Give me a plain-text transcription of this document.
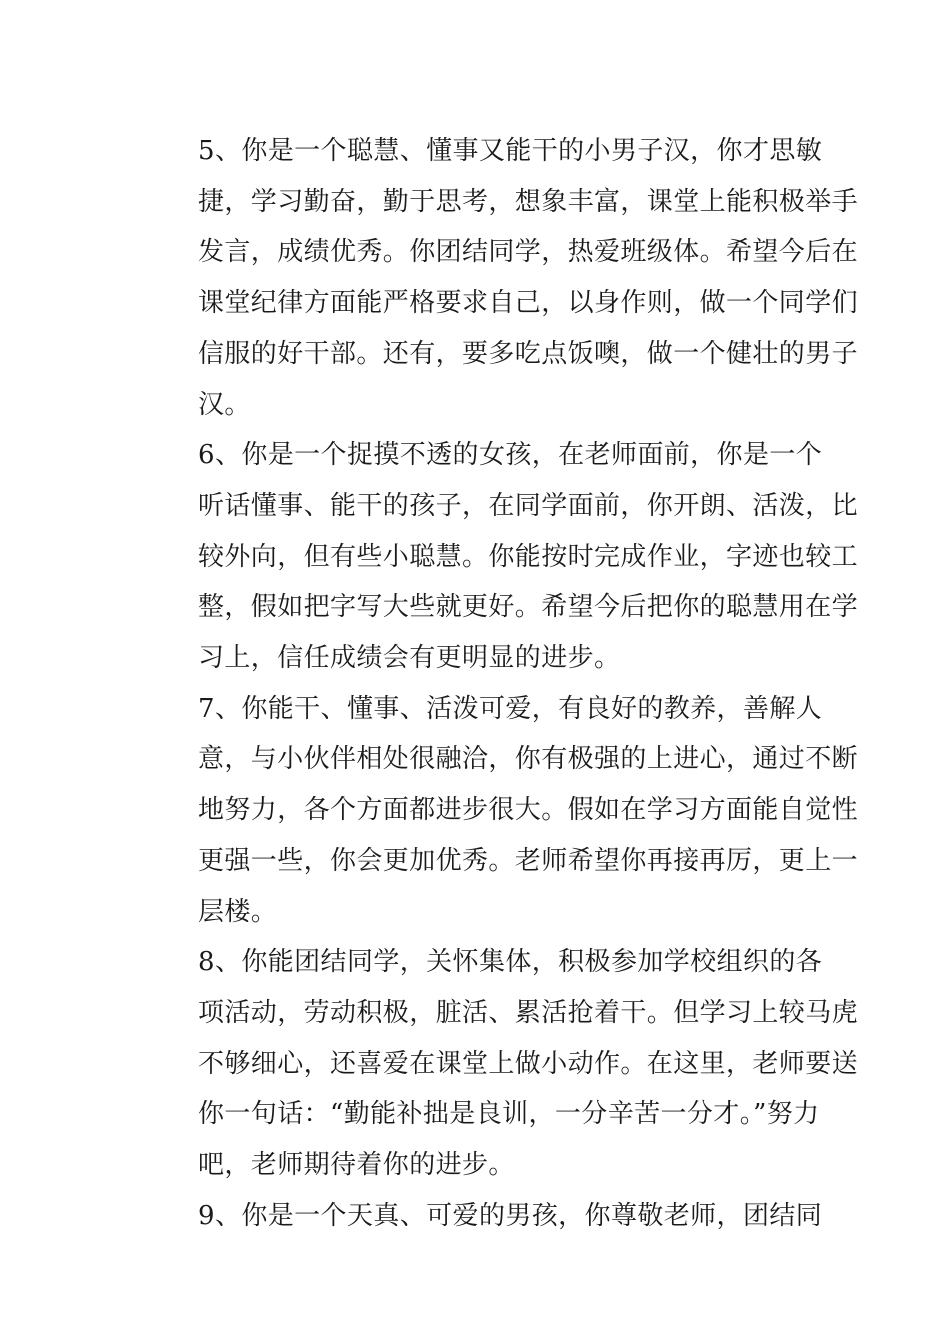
5、你是一个聪慧、懂事又能干的小男子汉，你才思敏
捷，学习勤奋，勤于思考，想象丰富，课堂上能积极举手
发言，成绩优秀。你团结同学，热爱班级体。希望今后在
课堂纪律方面能严格要求自己，以身作则，做一个同学们
信服的好干部。还有，要多吃点饭噢，做一个健壮的男子
汉。
6、你是一个捉摸不透的女孩，在老师面前，你是一个
听话懂事、能干的孩子，在同学面前，你开朗、活泼，比
较外向，但有些小聪慧。你能按时完成作业，字迹也较工
整，假如把字写大些就更好。希望今后把你的聪慧用在学
习上，信任成绩会有更明显的进步。
7、你能干、懂事、活泼可爱，有良好的教养，善解人
意，与小伙伴相处很融洽，你有极强的上进心，通过不断
地努力，各个方面都进步很大。假如在学习方面能自觉性
更强一些，你会更加优秀。老师希望你再接再厉，更上一
层楼。
8、你能团结同学，关怀集体，积极参加学校组织的各
项活动，劳动积极，脏活、累活抢着干。但学习上较马虎
不够细心，还喜爱在课堂上做小动作。在这里，老师要送
你一句话：“勤能补拙是良训，一分辛苦一分才。”努力
吧，老师期待着你的进步。
9、你是一个天真、可爱的男孩，你尊敬老师，团结同
